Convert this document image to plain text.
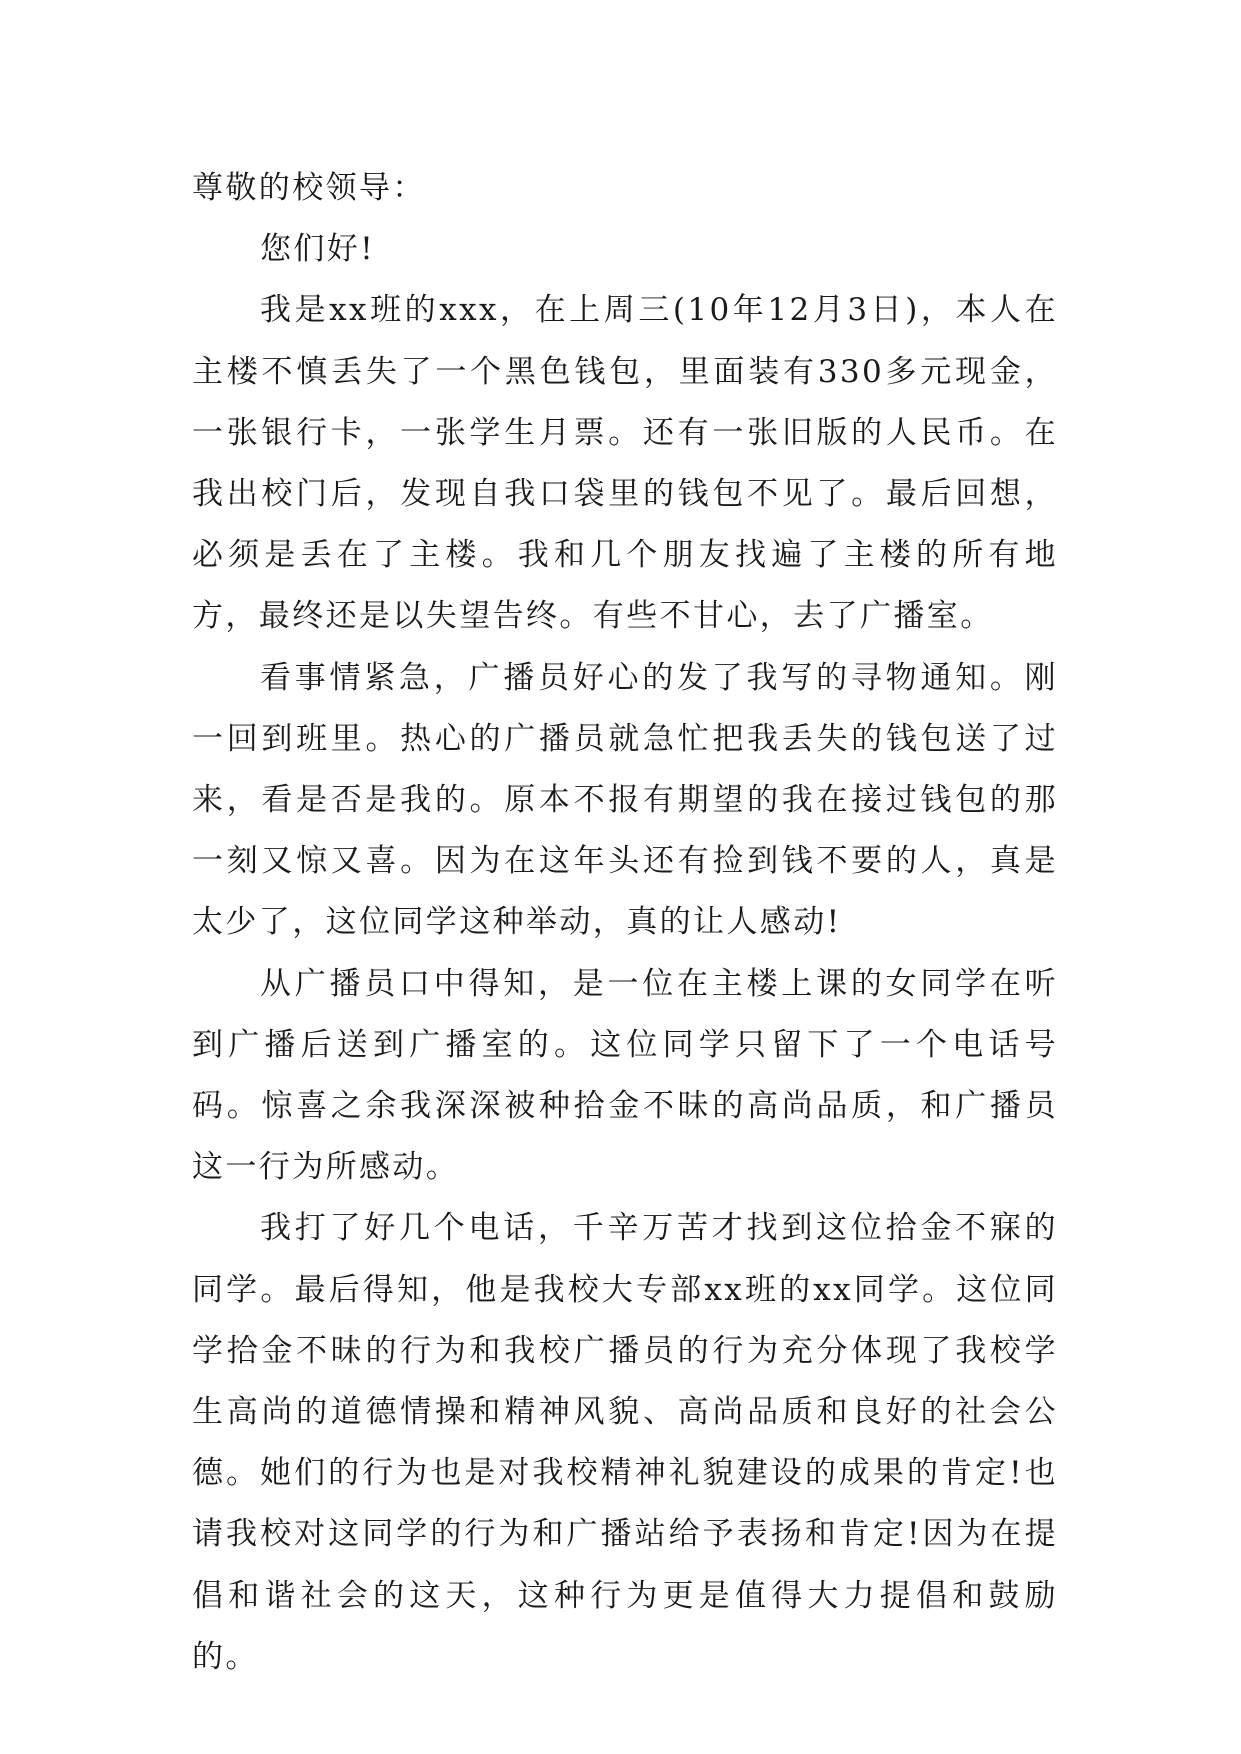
尊敬的校领导：

您们好!

我是xx班的xxx，在上周三(10年12月3日)，本人在主楼不慎丢失了一个黑色钱包，里面装有330多元现金，一张银行卡，一张学生月票。还有一张旧版的人民币。在我出校门后，发现自我口袋里的钱包不见了。最后回想，必须是丢在了主楼。我和几个朋友找遍了主楼的所有地方，最终还是以失望告终。有些不甘心，去了广播室。

看事情紧急，广播员好心的发了我写的寻物通知。刚一回到班里。热心的广播员就急忙把我丢失的钱包送了过来，看是否是我的。原本不报有期望的我在接过钱包的那一刻又惊又喜。因为在这年头还有捡到钱不要的人，真是太少了，这位同学这种举动，真的让人感动!

从广播员口中得知，是一位在主楼上课的女同学在听到广播后送到广播室的。这位同学只留下了一个电话号码。惊喜之余我深深被种拾金不昧的高尚品质，和广播员这一行为所感动。

我打了好几个电话，千辛万苦才找到这位拾金不寐的同学。最后得知，他是我校大专部xx班的xx同学。这位同学拾金不昧的行为和我校广播员的行为充分体现了我校学生高尚的道德情操和精神风貌、高尚品质和良好的社会公德。她们的行为也是对我校精神礼貌建设的成果的肯定!也请我校对这同学的行为和广播站给予表扬和肯定!因为在提倡和谐社会的这天，这种行为更是值得大力提倡和鼓励的。
